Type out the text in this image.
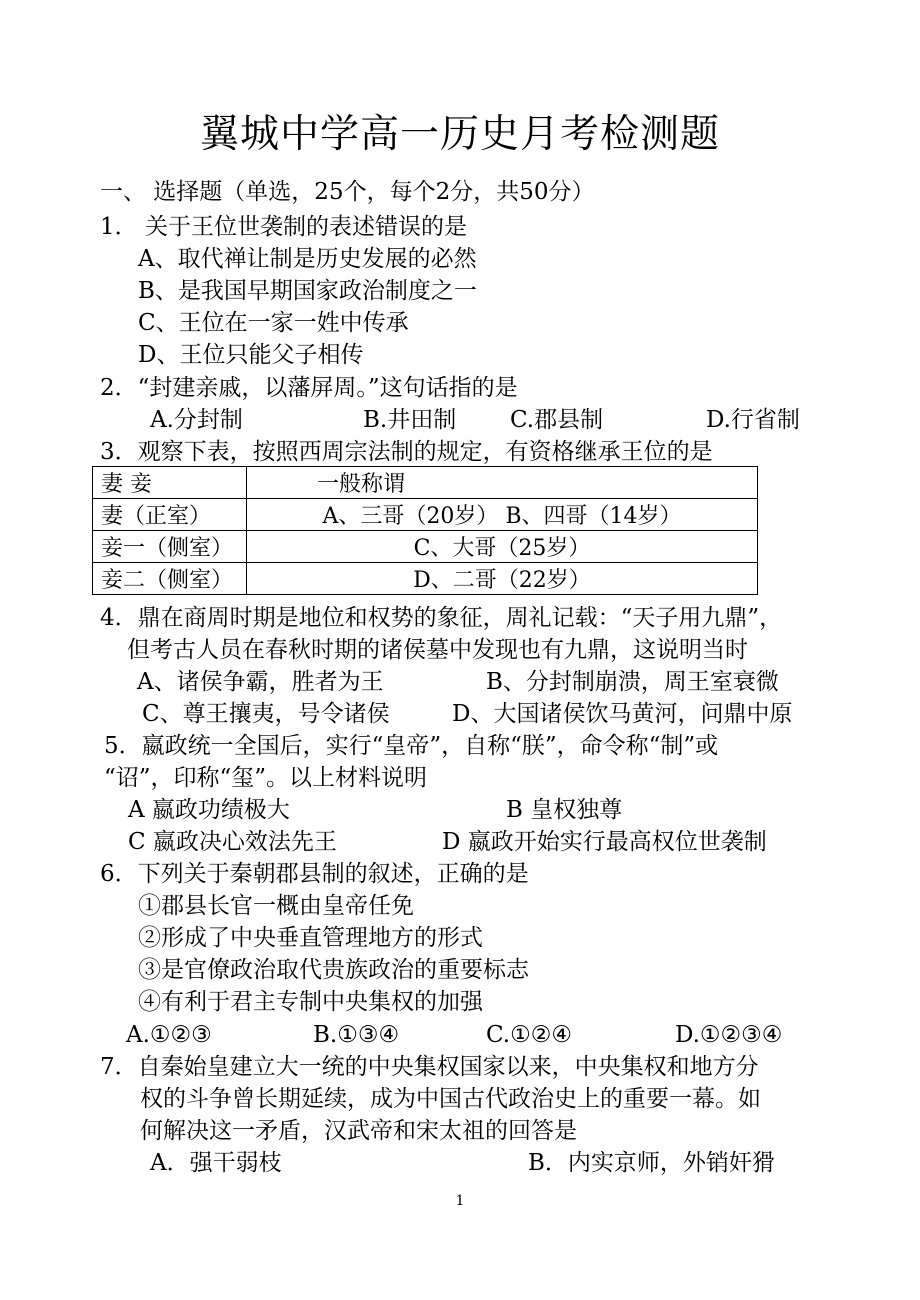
翼城中学高一历史月考检测题
一、 选择题（单选，25个，每个2分，共50分）
1． 关于王位世袭制的表述错误的是
A、取代禅让制是历史发展的必然
B、是我国早期国家政治制度之一
C、王位在一家一姓中传承
D、王位只能父子相传
2．“封建亲戚，以藩屏周。”这句话指的是
A.分封制	B.井田制 C.郡县制	D.行省制
3．观察下表，按照西周宗法制的规定，有资格继承王位的是
妻 妾	一般称谓
妻（正室）	A、三哥（20岁） B、四哥（14岁）
妾一（侧室）	C、大哥（25岁）
妾二（侧室）	D、二哥（22岁）
4．鼎在商周时期是地位和权势的象征，周礼记载：“天子用九鼎”，
但考古人员在春秋时期的诸侯墓中发现也有九鼎，这说明当时
A、诸侯争霸，胜者为王	B、分封制崩溃，周王室衰微
C、尊王攘夷，号令诸侯	D、大国诸侯饮马黄河，问鼎中原
5．嬴政统一全国后，实行“皇帝”，自称“朕”，命令称“制”或
“诏”，印称“玺”。以上材料说明
A 嬴政功绩极大	B 皇权独尊
C 嬴政决心效法先王	D 嬴政开始实行最高权位世袭制
6．下列关于秦朝郡县制的叙述，正确的是
①郡县长官一概由皇帝任免
②形成了中央垂直管理地方的形式
③是官僚政治取代贵族政治的重要标志
④有利于君主专制中央集权的加强
A.①②③	B.①③④	C.①②④	D.①②③④
7．自秦始皇建立大一统的中央集权国家以来，中央集权和地方分
权的斗争曾长期延续，成为中国古代政治史上的重要一幕。如
何解决这一矛盾，汉武帝和宋太祖的回答是
A．强干弱枝	B．内实京师，外销奸猾
1
